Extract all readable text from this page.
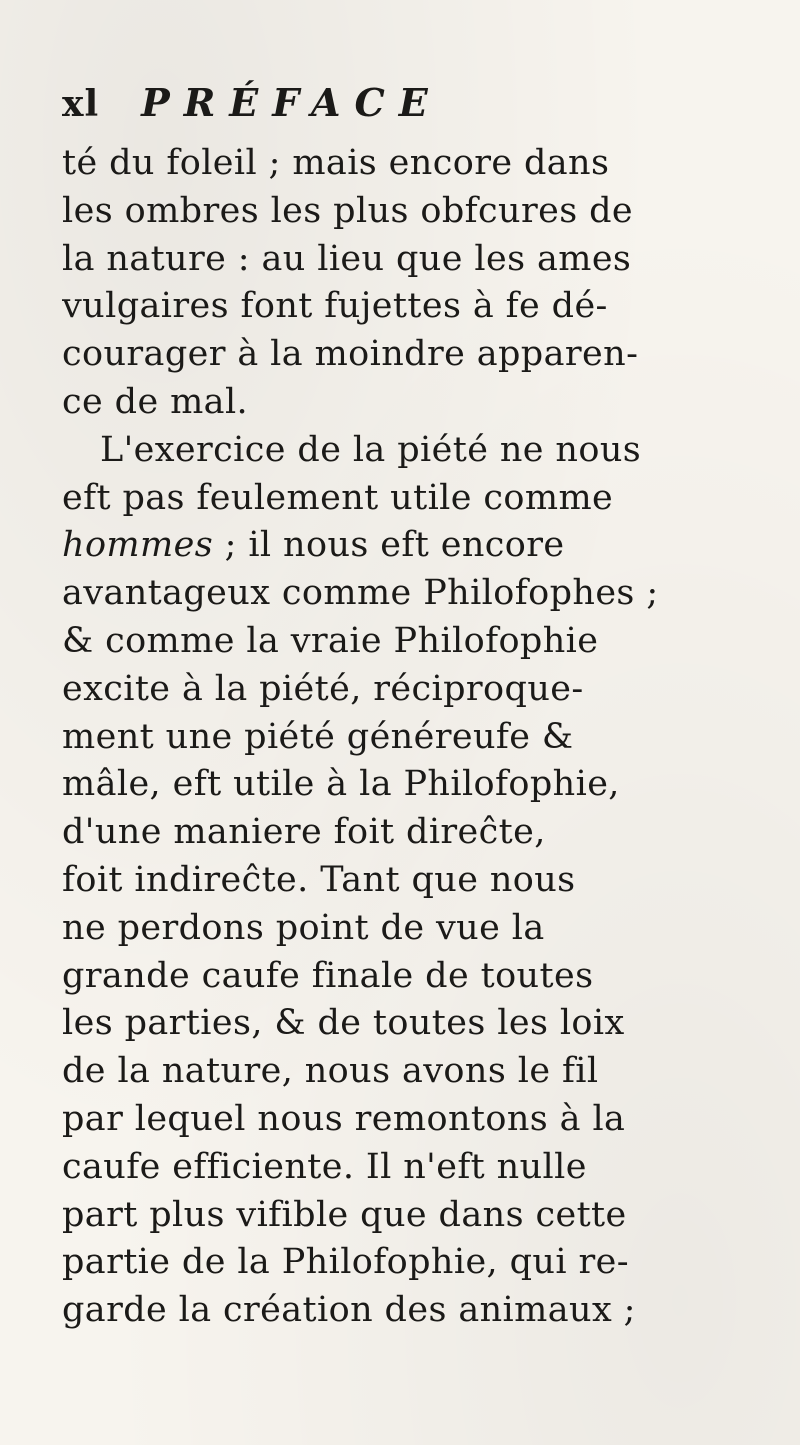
xl PRÉFACE
té du foleil ; mais encore dans
les ombres les plus obfcures de
la nature : au lieu que les ames
vulgaires font fujettes à fe dé-
courager à la moindre apparen-
ce de mal.
L'exercice de la piété ne nous
eft pas feulement utile comme
hommes ; il nous eft encore
avantageux comme Philofophes ;
& comme la vraie Philofophie
excite à la piété, réciproque-
ment une piété généreufe &
mâle, eft utile à la Philofophie,
d'une maniere foit direĉte,
foit indireĉte. Tant que nous
ne perdons point de vue la
grande caufe finale de toutes
les parties, & de toutes les loix
de la nature, nous avons le fil
par lequel nous remontons à la
caufe efficiente. Il n'eft nulle
part plus vifible que dans cette
partie de la Philofophie, qui re-
garde la création des animaux ;
